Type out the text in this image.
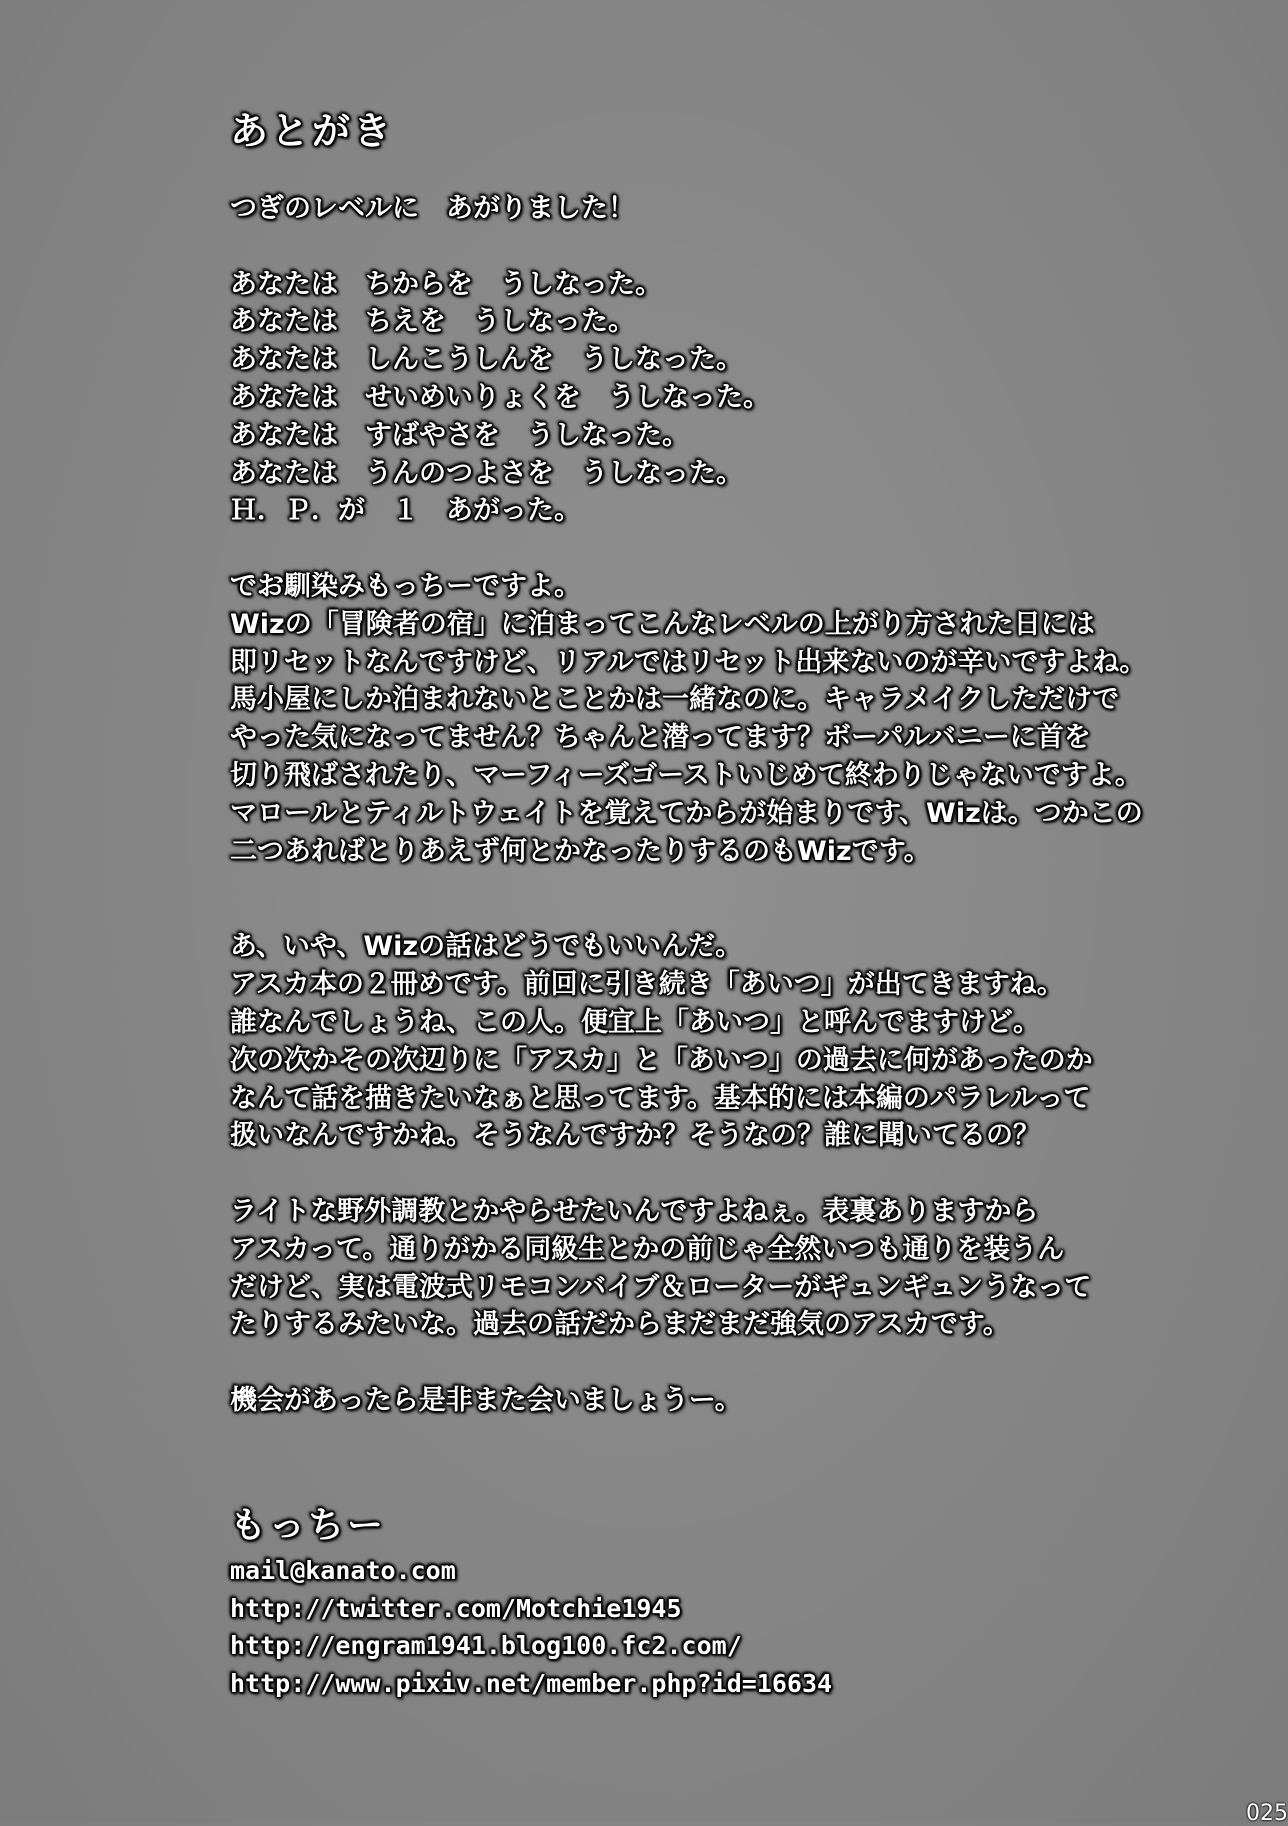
あとがき
つぎのレベルに　あがりました！
あなたは　ちからを　うしなった。
あなたは　ちえを　うしなった。
あなたは　しんこうしんを　うしなった。
あなたは　せいめいりょくを　うしなった。
あなたは　すばやさを　うしなった。
あなたは　うんのつよさを　うしなった。
Ｈ．Ｐ．が　１　あがった。
でお馴染みもっちーですよ。
Wizの「冒険者の宿」に泊まってこんなレベルの上がり方された日には
即リセットなんですけど、リアルではリセット出来ないのが辛いですよね。
馬小屋にしか泊まれないとことかは一緒なのに。キャラメイクしただけで
やった気になってません？ちゃんと潜ってます？ボーパルバニーに首を
切り飛ばされたり、マーフィーズゴーストいじめて終わりじゃないですよ。
マロールとティルトウェイトを覚えてからが始まりです、Wizは。つかこの
二つあればとりあえず何とかなったりするのもWizです。
あ、いや、Wizの話はどうでもいいんだ。
アスカ本の２冊めです。前回に引き続き「あいつ」が出てきますね。
誰なんでしょうね、この人。便宜上「あいつ」と呼んでますけど。
次の次かその次辺りに「アスカ」と「あいつ」の過去に何があったのか
なんて話を描きたいなぁと思ってます。基本的には本編のパラレルって
扱いなんですかね。そうなんですか？そうなの？誰に聞いてるの？
ライトな野外調教とかやらせたいんですよねぇ。表裏ありますから
アスカって。通りがかる同級生とかの前じゃ全然いつも通りを装うん
だけど、実は電波式リモコンバイブ＆ローターがギュンギュンうなって
たりするみたいな。過去の話だからまだまだ強気のアスカです。
機会があったら是非また会いましょうー。
もっちー
mail@kanato.com
http://twitter.com/Motchie1945
http://engram1941.blog100.fc2.com/
http://www.pixiv.net/member.php?id=16634
025
